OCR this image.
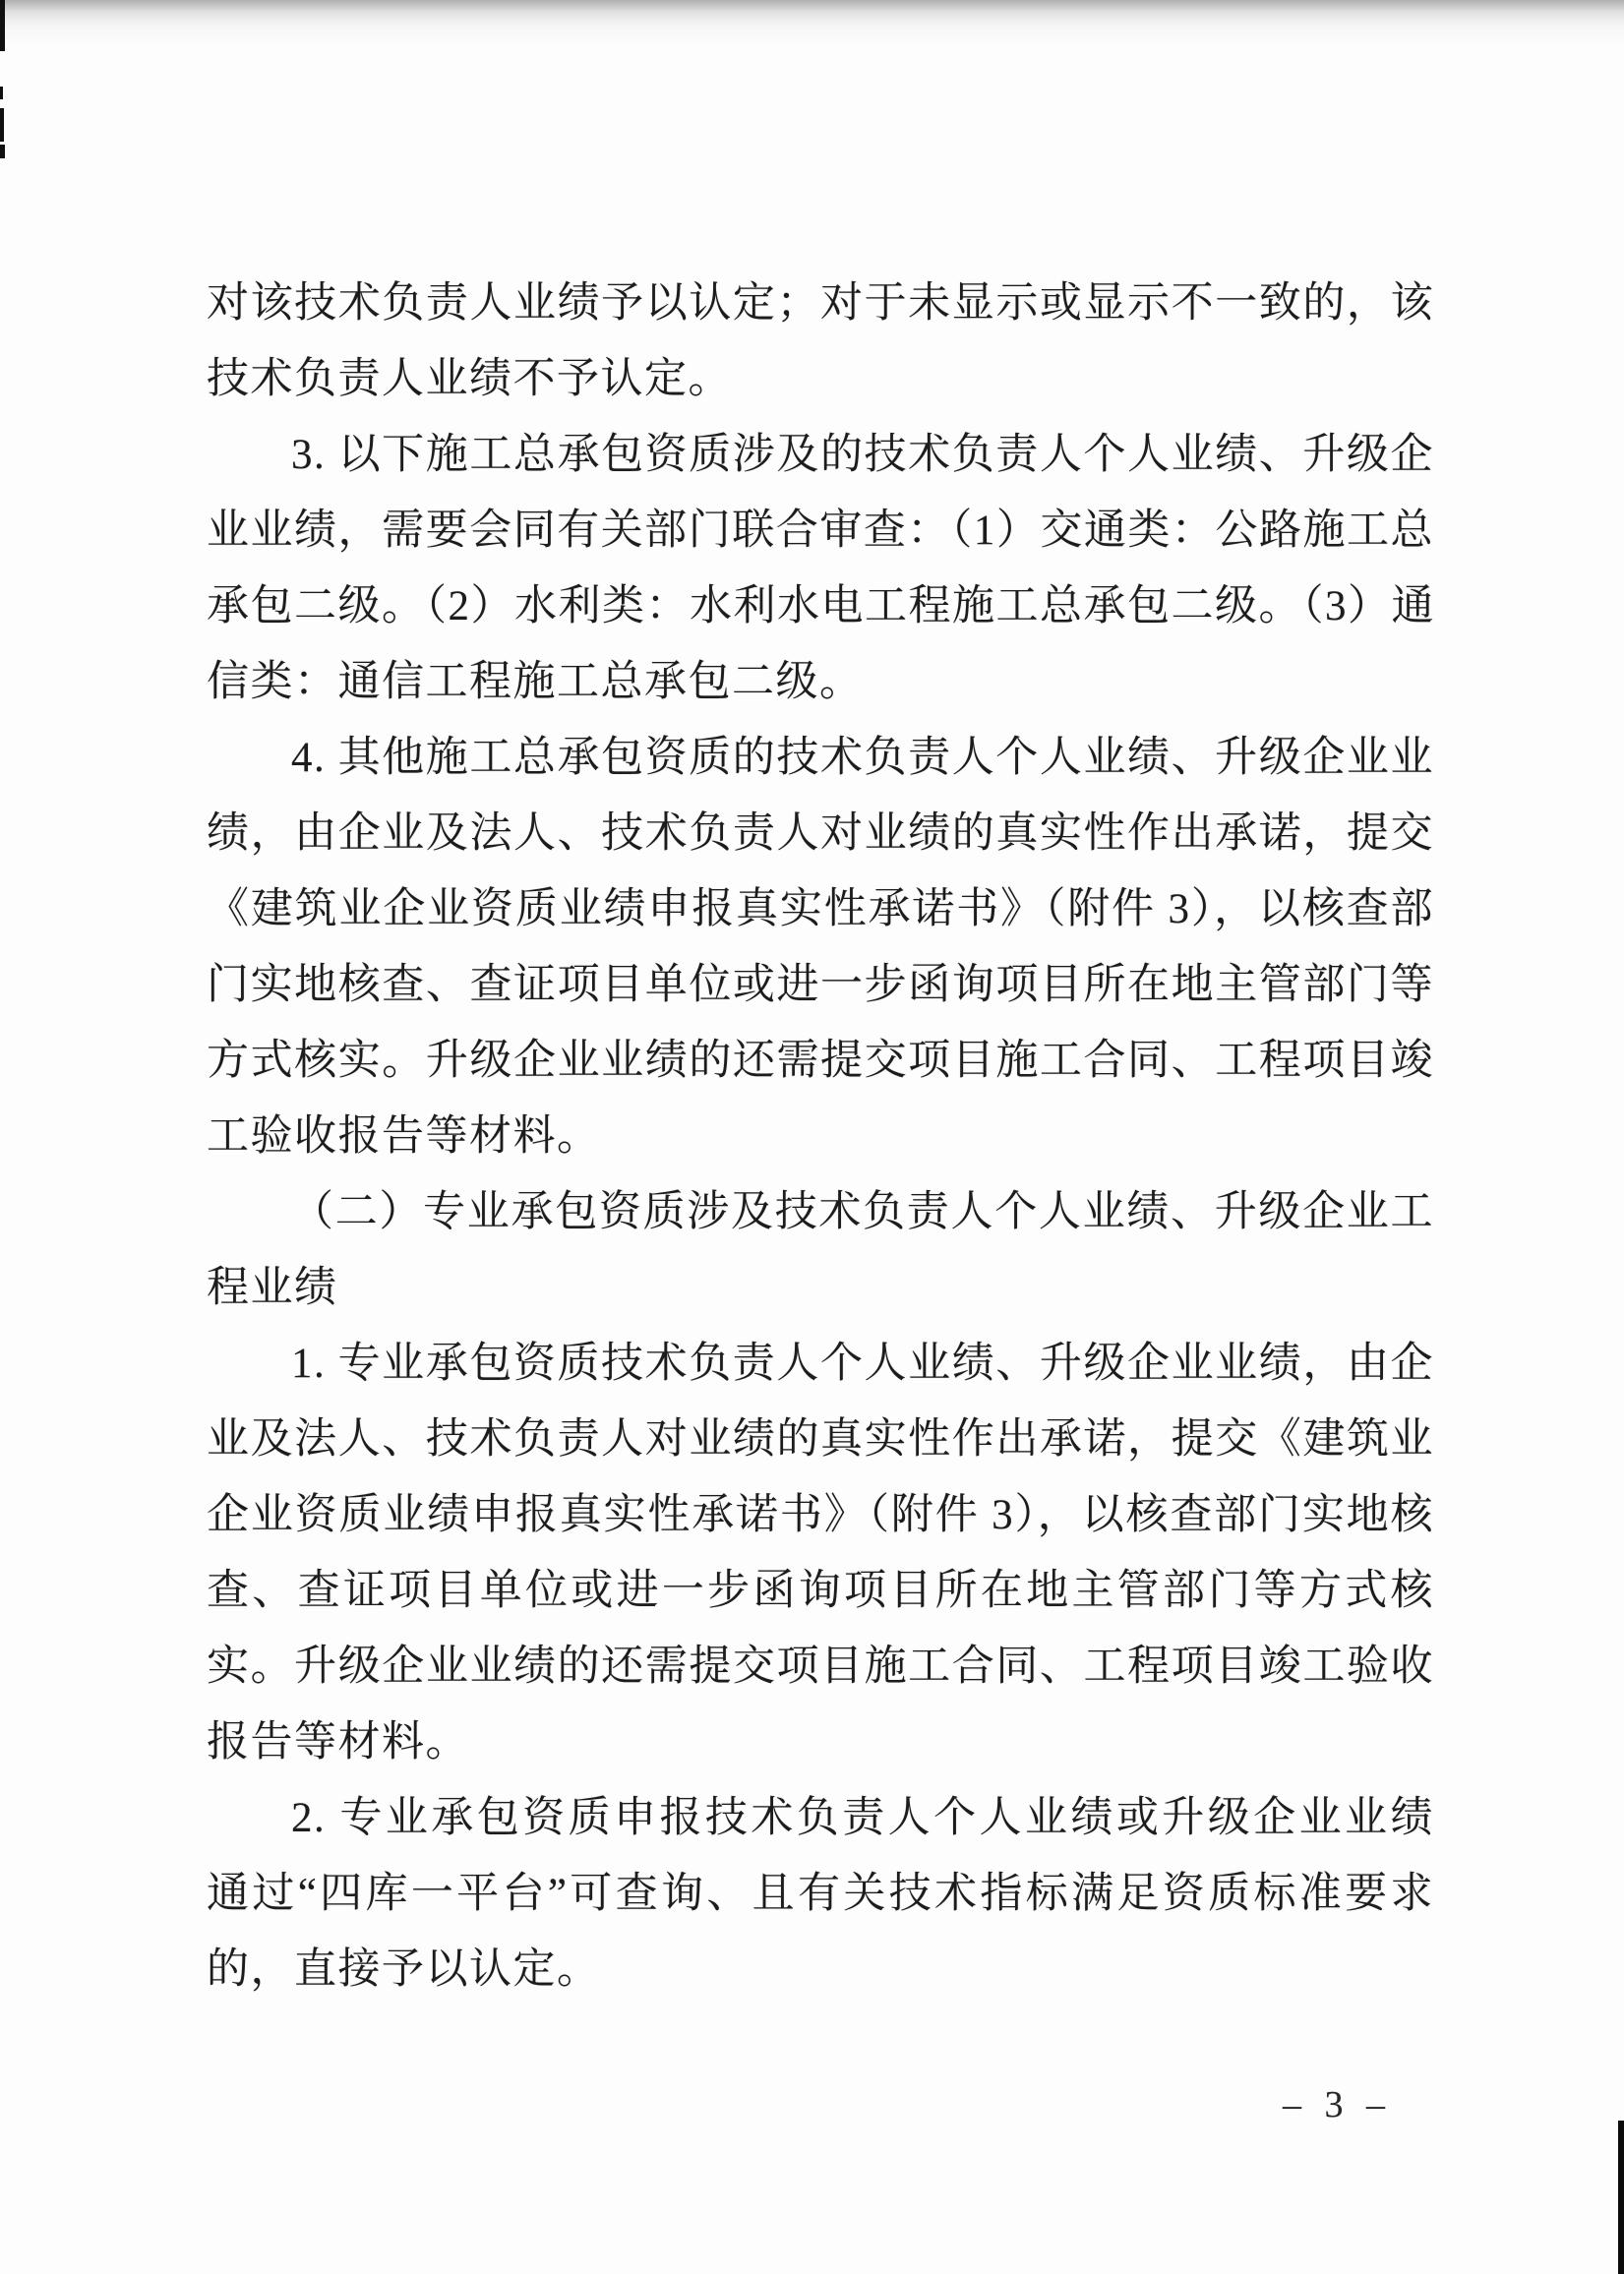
对该技术负责人业绩予以认定；对于未显示或显示不一致的，该

技术负责人业绩不予认定。

3. 以下施工总承包资质涉及的技术负责人个人业绩、升级企

业业绩，需要会同有关部门联合审查：（1）交通类：公路施工总

承包二级。（2）水利类：水利水电工程施工总承包二级。（3）通

信类：通信工程施工总承包二级。

4. 其他施工总承包资质的技术负责人个人业绩、升级企业业

绩，由企业及法人、技术负责人对业绩的真实性作出承诺，提交

《建筑业企业资质业绩申报真实性承诺书》（附件 3），以核查部

门实地核查、查证项目单位或进一步函询项目所在地主管部门等

方式核实。升级企业业绩的还需提交项目施工合同、工程项目竣

工验收报告等材料。

（二）专业承包资质涉及技术负责人个人业绩、升级企业工

程业绩

1. 专业承包资质技术负责人个人业绩、升级企业业绩，由企

业及法人、技术负责人对业绩的真实性作出承诺，提交《建筑业

企业资质业绩申报真实性承诺书》（附件 3），以核查部门实地核

查、查证项目单位或进一步函询项目所在地主管部门等方式核

实。升级企业业绩的还需提交项目施工合同、工程项目竣工验收

报告等材料。

2. 专业承包资质申报技术负责人个人业绩或升级企业业绩

通过“四库一平台”可查询、且有关技术指标满足资质标准要求

的，直接予以认定。

– 3 –
